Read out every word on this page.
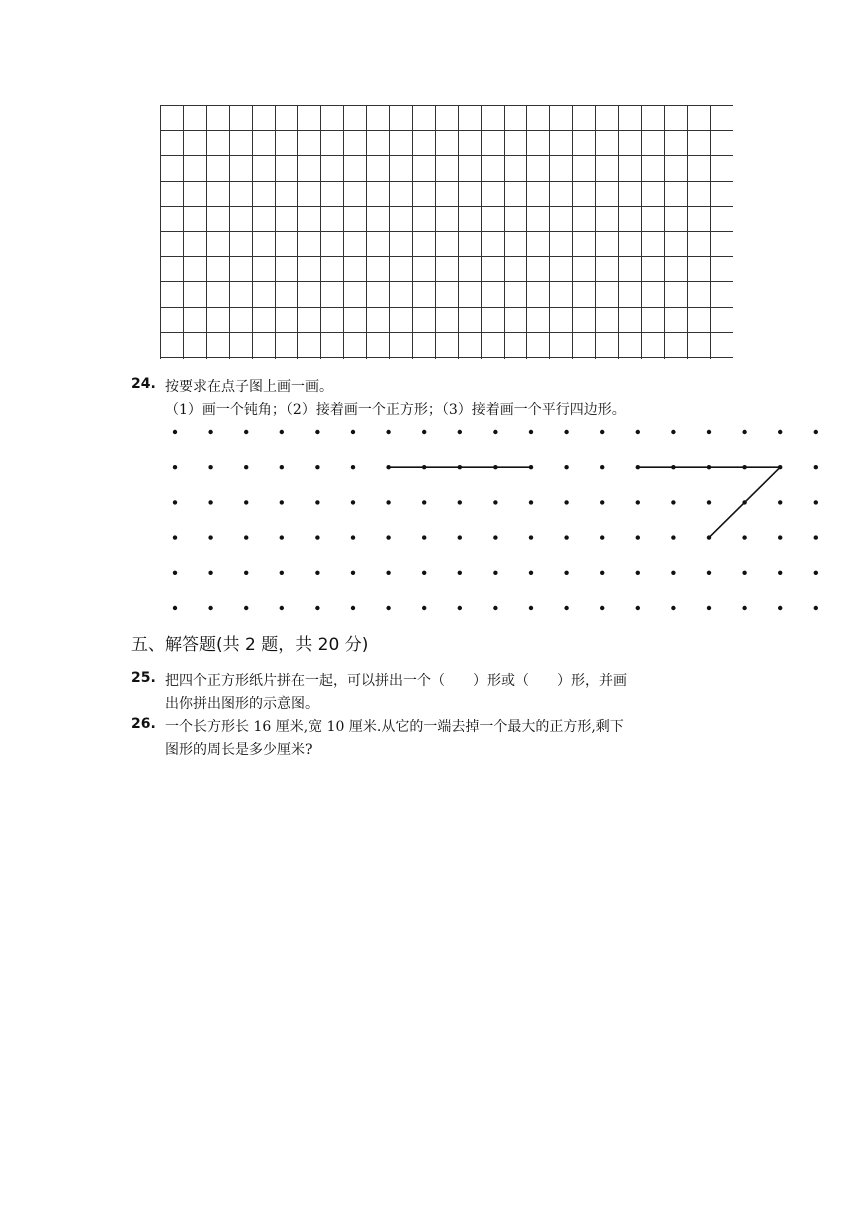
24. 按要求在点子图上画一画。
（1）画一个钝角；（2）接着画一个正方形；（3）接着画一个平行四边形。
五、解答题(共 2 题，共 20 分)
25. 把四个正方形纸片拼在一起，可以拼出一个（　　）形或（　　）形，并画
出你拼出图形的示意图。
26. 一个长方形长 16 厘米,宽 10 厘米.从它的一端去掉一个最大的正方形,剩下
图形的周长是多少厘米?
